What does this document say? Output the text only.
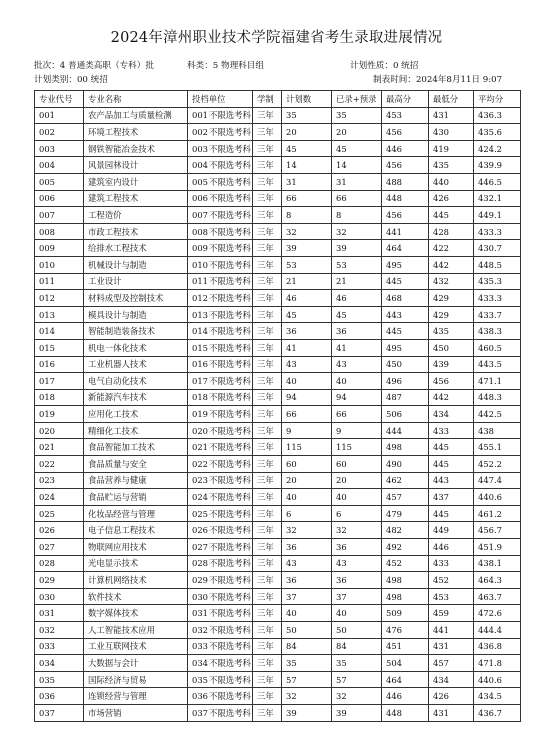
2024年漳州职业技术学院福建省考生录取进展情况
批次：4 普通类高职（专科）批	科类：5 物理科目组	计划性质：0 统招
计划类别：00 统招	制表时间：2024年8月11日 9:07
专业代号	专业名称	投档单位	学制	计划数	已录+预录	最高分	最低分	平均分
001	农产品加工与质量检测	001不限选考科	三年	35	35	453	431	436.3
002	环境工程技术	002不限选考科	三年	20	20	456	430	435.6
003	钢铁智能冶金技术	003不限选考科	三年	45	45	446	419	424.2
004	风景园林设计	004不限选考科	三年	14	14	456	435	439.9
005	建筑室内设计	005不限选考科	三年	31	31	488	440	446.5
006	建筑工程技术	006不限选考科	三年	66	66	448	426	432.1
007	工程造价	007不限选考科	三年	8	8	456	445	449.1
008	市政工程技术	008不限选考科	三年	32	32	441	428	433.3
009	给排水工程技术	009不限选考科	三年	39	39	464	422	430.7
010	机械设计与制造	010不限选考科	三年	53	53	495	442	448.5
011	工业设计	011不限选考科	三年	21	21	445	432	435.3
012	材料成型及控制技术	012不限选考科	三年	46	46	468	429	433.3
013	模具设计与制造	013不限选考科	三年	45	45	443	429	433.7
014	智能制造装备技术	014不限选考科	三年	36	36	445	435	438.3
015	机电一体化技术	015不限选考科	三年	41	41	495	450	460.5
016	工业机器人技术	016不限选考科	三年	43	43	450	439	443.5
017	电气自动化技术	017不限选考科	三年	40	40	496	456	471.1
018	新能源汽车技术	018不限选考科	三年	94	94	487	442	448.3
019	应用化工技术	019不限选考科	三年	66	66	506	434	442.5
020	精细化工技术	020不限选考科	三年	9	9	444	433	438
021	食品智能加工技术	021不限选考科	三年	115	115	498	445	455.1
022	食品质量与安全	022不限选考科	三年	60	60	490	445	452.2
023	食品营养与健康	023不限选考科	三年	20	20	462	443	447.4
024	食品贮运与营销	024不限选考科	三年	40	40	457	437	440.6
025	化妆品经营与管理	025不限选考科	三年	6	6	479	445	461.2
026	电子信息工程技术	026不限选考科	三年	32	32	482	449	456.7
027	物联网应用技术	027不限选考科	三年	36	36	492	446	451.9
028	光电显示技术	028不限选考科	三年	43	43	452	433	438.1
029	计算机网络技术	029不限选考科	三年	36	36	498	452	464.3
030	软件技术	030不限选考科	三年	37	37	498	453	463.7
031	数字媒体技术	031不限选考科	三年	40	40	509	459	472.6
032	人工智能技术应用	032不限选考科	三年	50	50	476	441	444.4
033	工业互联网技术	033不限选考科	三年	84	84	451	431	436.8
034	大数据与会计	034不限选考科	三年	35	35	504	457	471.8
035	国际经济与贸易	035不限选考科	三年	57	57	464	434	440.6
036	连锁经营与管理	036不限选考科	三年	32	32	446	426	434.5
037	市场营销	037不限选考科	三年	39	39	448	431	436.7
